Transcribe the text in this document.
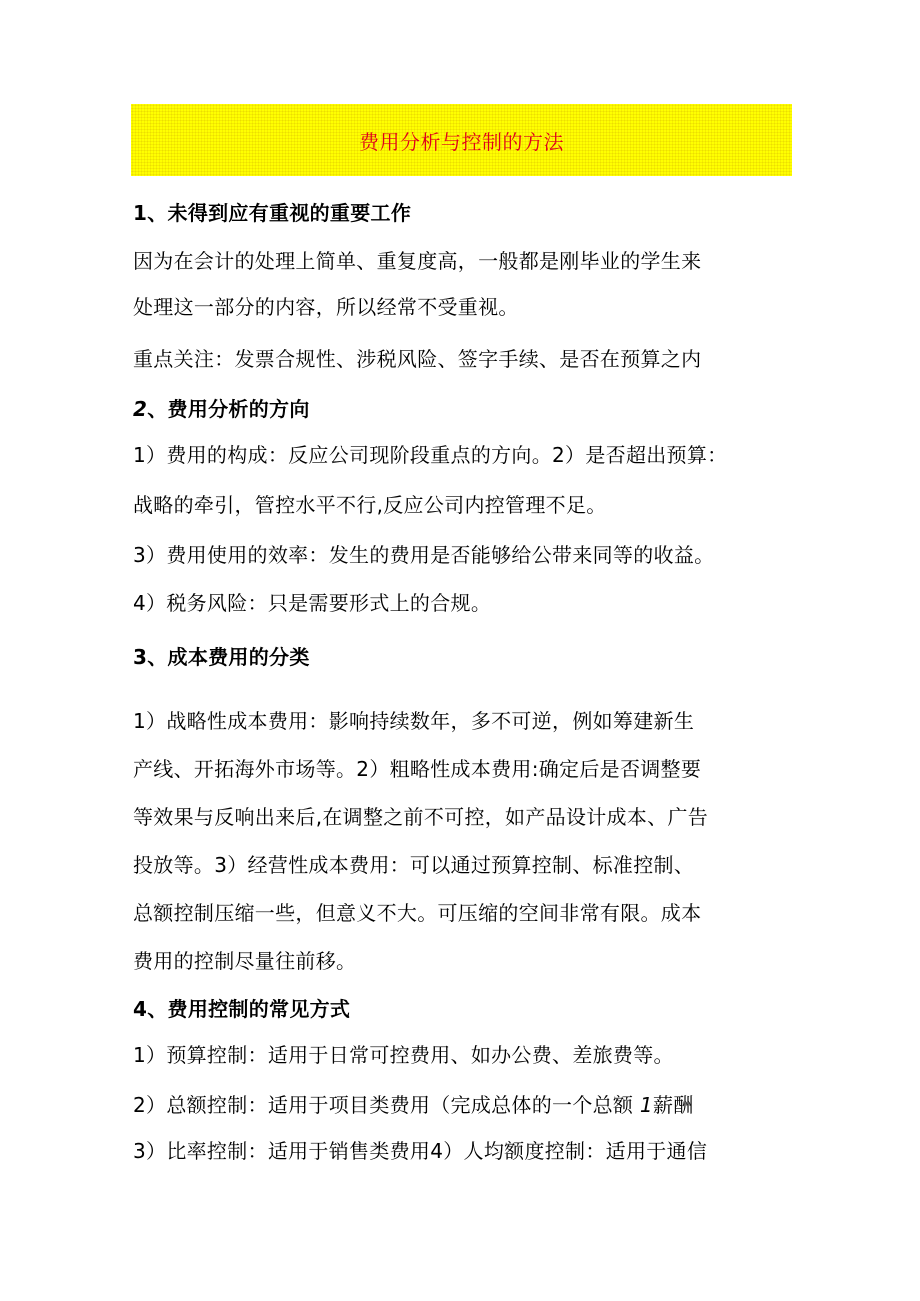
费用分析与控制的方法
1、未得到应有重视的重要工作
因为在会计的处理上简单、重复度高，一般都是刚毕业的学生来
处理这一部分的内容，所以经常不受重视。
重点关注：发票合规性、涉税风险、签字手续、是否在预算之内
2、费用分析的方向
1）费用的构成：反应公司现阶段重点的方向。2）是否超出预算：
战略的牵引，管控水平不行,反应公司内控管理不足。
3）费用使用的效率：发生的费用是否能够给公带来同等的收益。
4）税务风险：只是需要形式上的合规。
3、成本费用的分类
1）战略性成本费用：影响持续数年，多不可逆，例如筹建新生
产线、开拓海外市场等。2）粗略性成本费用:确定后是否调整要
等效果与反响出来后,在调整之前不可控，如产品设计成本、广告
投放等。3）经营性成本费用：可以通过预算控制、标准控制、
总额控制压缩一些，但意义不大。可压缩的空间非常有限。成本
费用的控制尽量往前移。
4、费用控制的常见方式
1）预算控制：适用于日常可控费用、如办公费、差旅费等。
2）总额控制：适用于项目类费用（完成总体的一个总额 1薪酬
3）比率控制：适用于销售类费用4）人均额度控制：适用于通信
